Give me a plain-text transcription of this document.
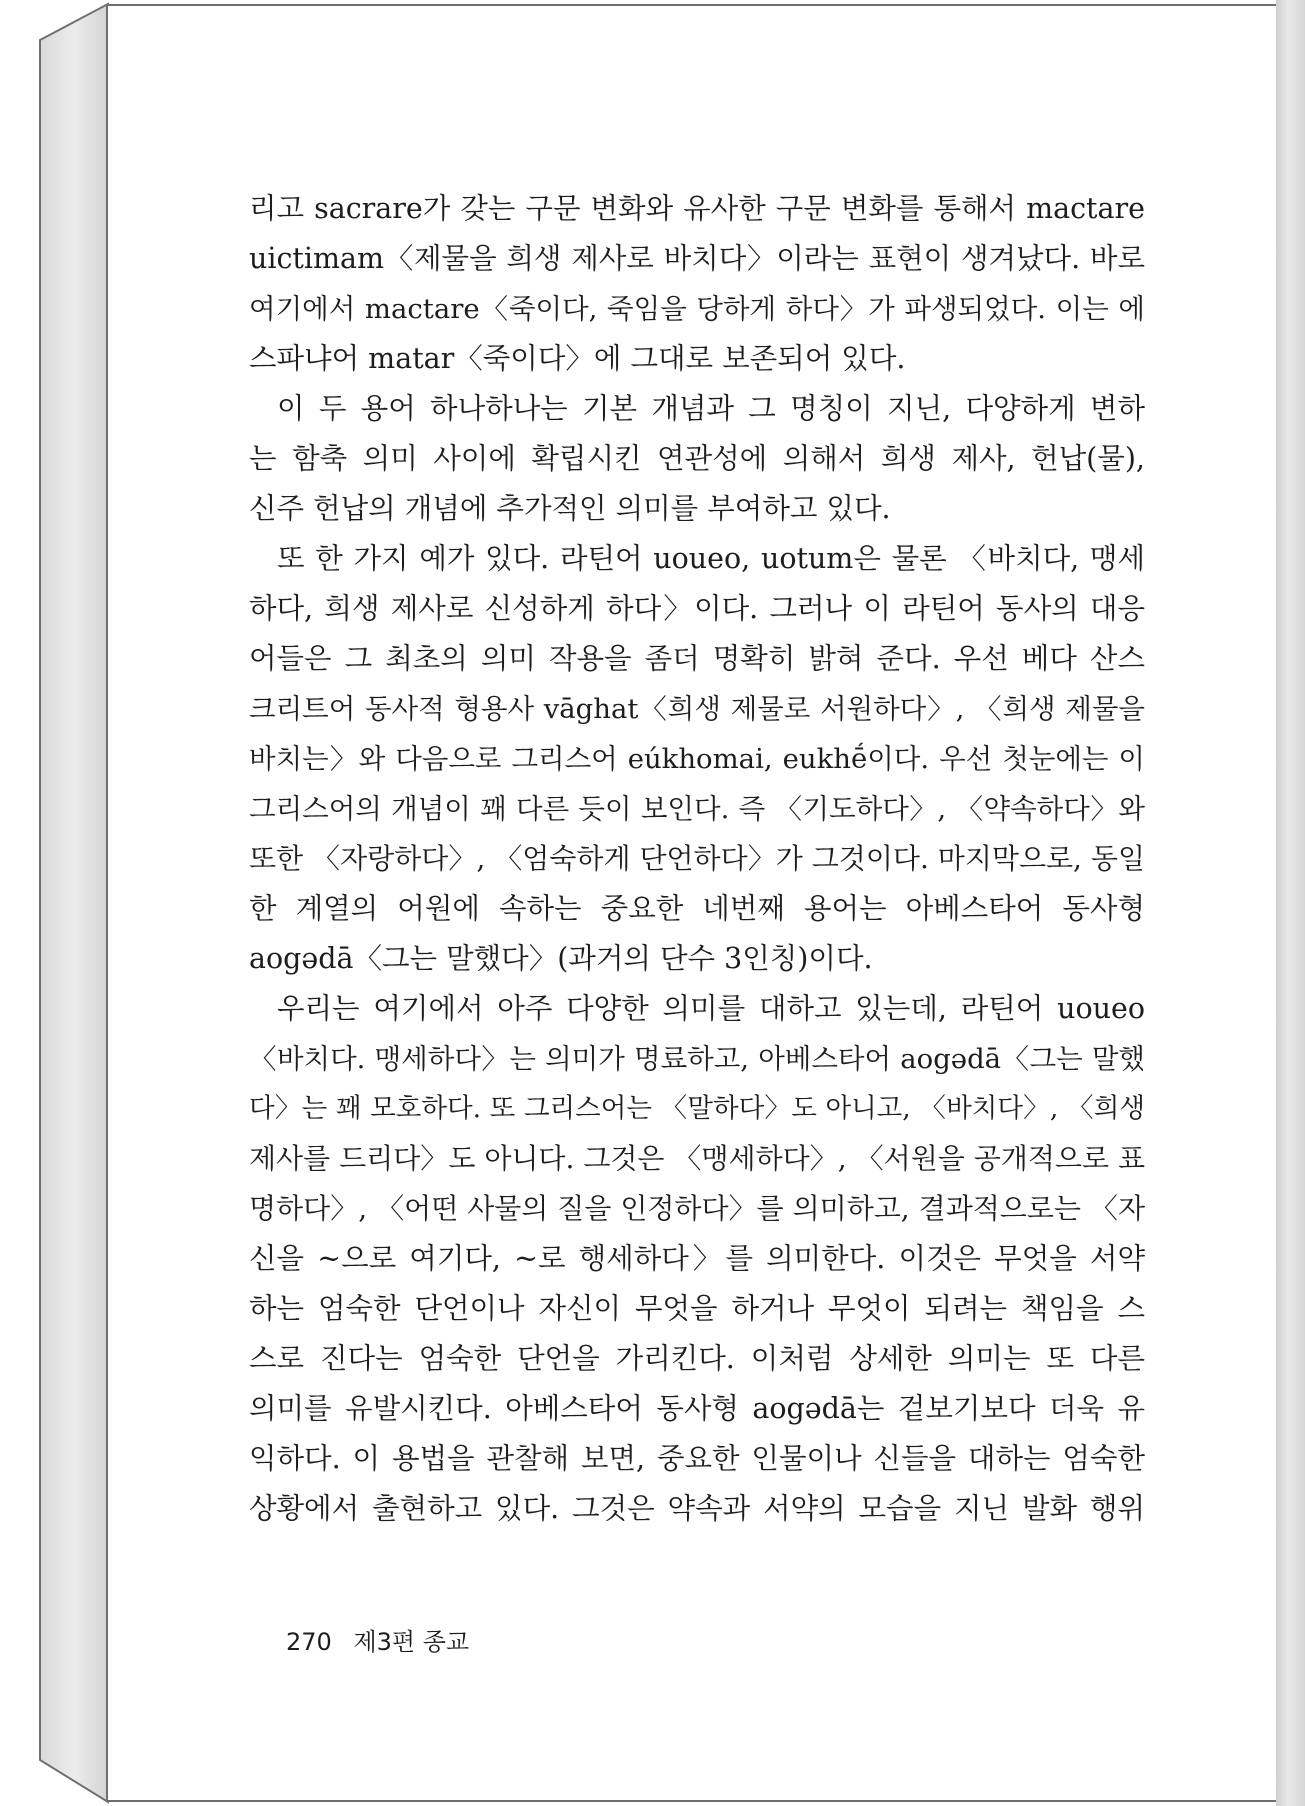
리고 sacrare가 갖는 구문 변화와 유사한 구문 변화를 통해서 mactare
uictimam〈제물을 희생 제사로 바치다〉이라는 표현이 생겨났다. 바로
여기에서 mactare〈죽이다, 죽임을 당하게 하다〉가 파생되었다. 이는 에
스파냐어 matar〈죽이다〉에 그대로 보존되어 있다.
이 두 용어 하나하나는 기본 개념과 그 명칭이 지닌, 다양하게 변하
는 함축 의미 사이에 확립시킨 연관성에 의해서 희생 제사, 헌납(물),
신주 헌납의 개념에 추가적인 의미를 부여하고 있다.
또 한 가지 예가 있다. 라틴어 uoueo, uotum은 물론 〈바치다, 맹세
하다, 희생 제사로 신성하게 하다〉이다. 그러나 이 라틴어 동사의 대응
어들은 그 최초의 의미 작용을 좀더 명확히 밝혀 준다. 우선 베다 산스
크리트어 동사적 형용사 vāghat〈희생 제물로 서원하다〉, 〈희생 제물을
바치는〉와 다음으로 그리스어 eúkhomai, eukhḗ이다. 우선 첫눈에는 이
그리스어의 개념이 꽤 다른 듯이 보인다. 즉 〈기도하다〉, 〈약속하다〉와
또한 〈자랑하다〉, 〈엄숙하게 단언하다〉가 그것이다. 마지막으로, 동일
한 계열의 어원에 속하는 중요한 네번째 용어는 아베스타어 동사형
aogədā〈그는 말했다〉(과거의 단수 3인칭)이다.
우리는 여기에서 아주 다양한 의미를 대하고 있는데, 라틴어 uoueo
〈바치다. 맹세하다〉는 의미가 명료하고, 아베스타어 aogədā〈그는 말했
다〉는 꽤 모호하다. 또 그리스어는 〈말하다〉도 아니고, 〈바치다〉, 〈희생
제사를 드리다〉도 아니다. 그것은 〈맹세하다〉, 〈서원을 공개적으로 표
명하다〉, 〈어떤 사물의 질을 인정하다〉를 의미하고, 결과적으로는 〈자
신을 ~으로 여기다, ~로 행세하다〉를 의미한다. 이것은 무엇을 서약
하는 엄숙한 단언이나 자신이 무엇을 하거나 무엇이 되려는 책임을 스
스로 진다는 엄숙한 단언을 가리킨다. 이처럼 상세한 의미는 또 다른
의미를 유발시킨다. 아베스타어 동사형 aogədā는 겉보기보다 더욱 유
익하다. 이 용법을 관찰해 보면, 중요한 인물이나 신들을 대하는 엄숙한
상황에서 출현하고 있다. 그것은 약속과 서약의 모습을 지닌 발화 행위
270 제3편 종교
